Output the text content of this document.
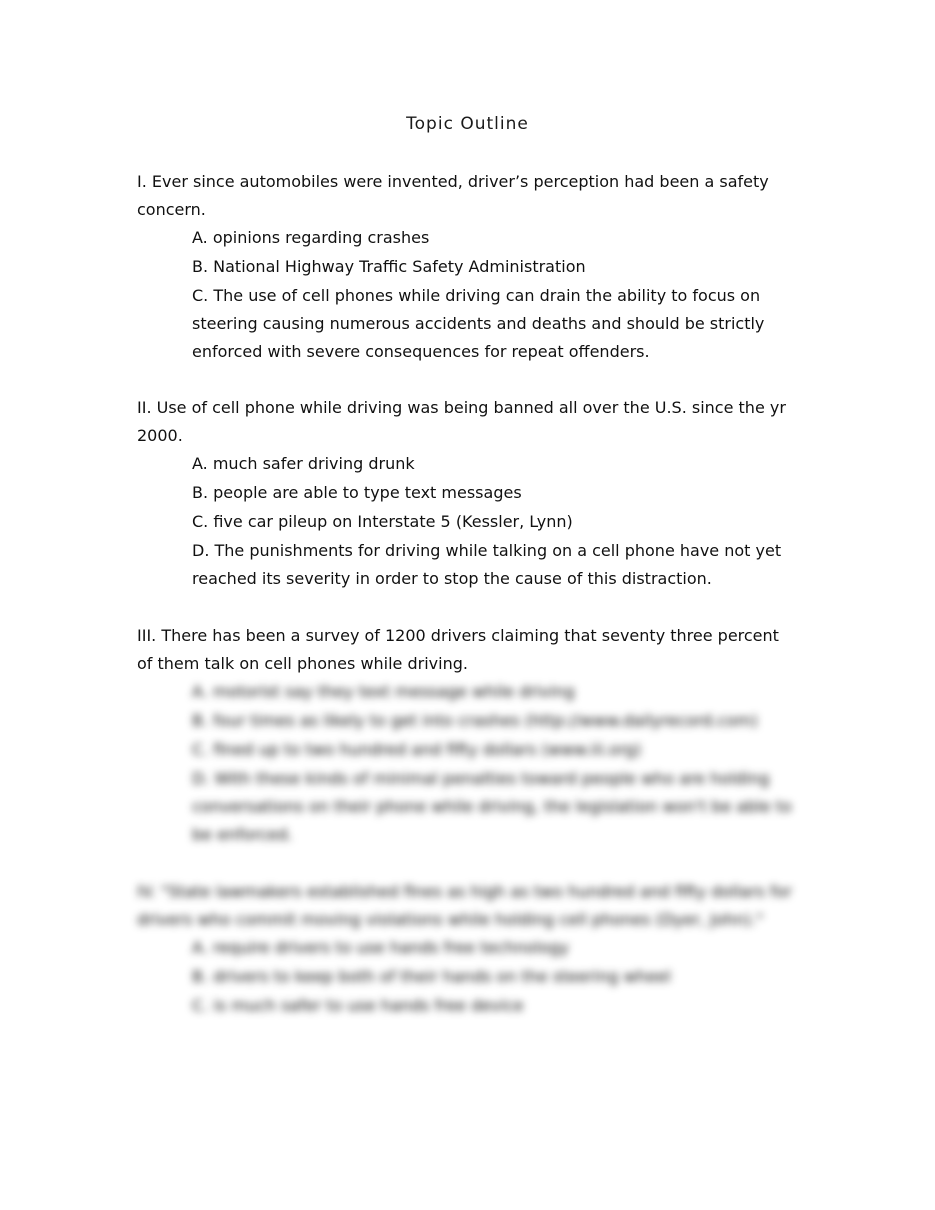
Topic Outline

I. Ever since automobiles were invented, driver’s perception had been a safety concern.

A. opinions regarding crashes
B. National Highway Traffic Safety Administration
C. The use of cell phones while driving can drain the ability to focus on steering causing numerous accidents and deaths and should be strictly enforced with severe consequences for repeat offenders.

II. Use of cell phone while driving was being banned all over the U.S. since the yr 2000.

A. much safer driving drunk
B. people are able to type text messages
C. five car pileup on Interstate 5 (Kessler, Lynn)
D. The punishments for driving while talking on a cell phone have not yet reached its severity in order to stop the cause of this distraction.

III. There has been a survey of 1200 drivers claiming that seventy three percent of them talk on cell phones while driving.

A. motorist say they text message while driving
B. four times as likely to get into crashes (http://www.dailyrecord.com)
C. fined up to two hundred and fifty dollars (www.iii.org)
D. With these kinds of minimal penalties toward people who are holding conversations on their phone while driving, the legislation won't be able to be enforced.

IV. "State lawmakers established fines as high as two hundred and fifty dollars for drivers who commit moving violations while holding cell phones (Dyer, John)."

A. require drivers to use hands free technology
B. drivers to keep both of their hands on the steering wheel
C. is much safer to use hands free device
